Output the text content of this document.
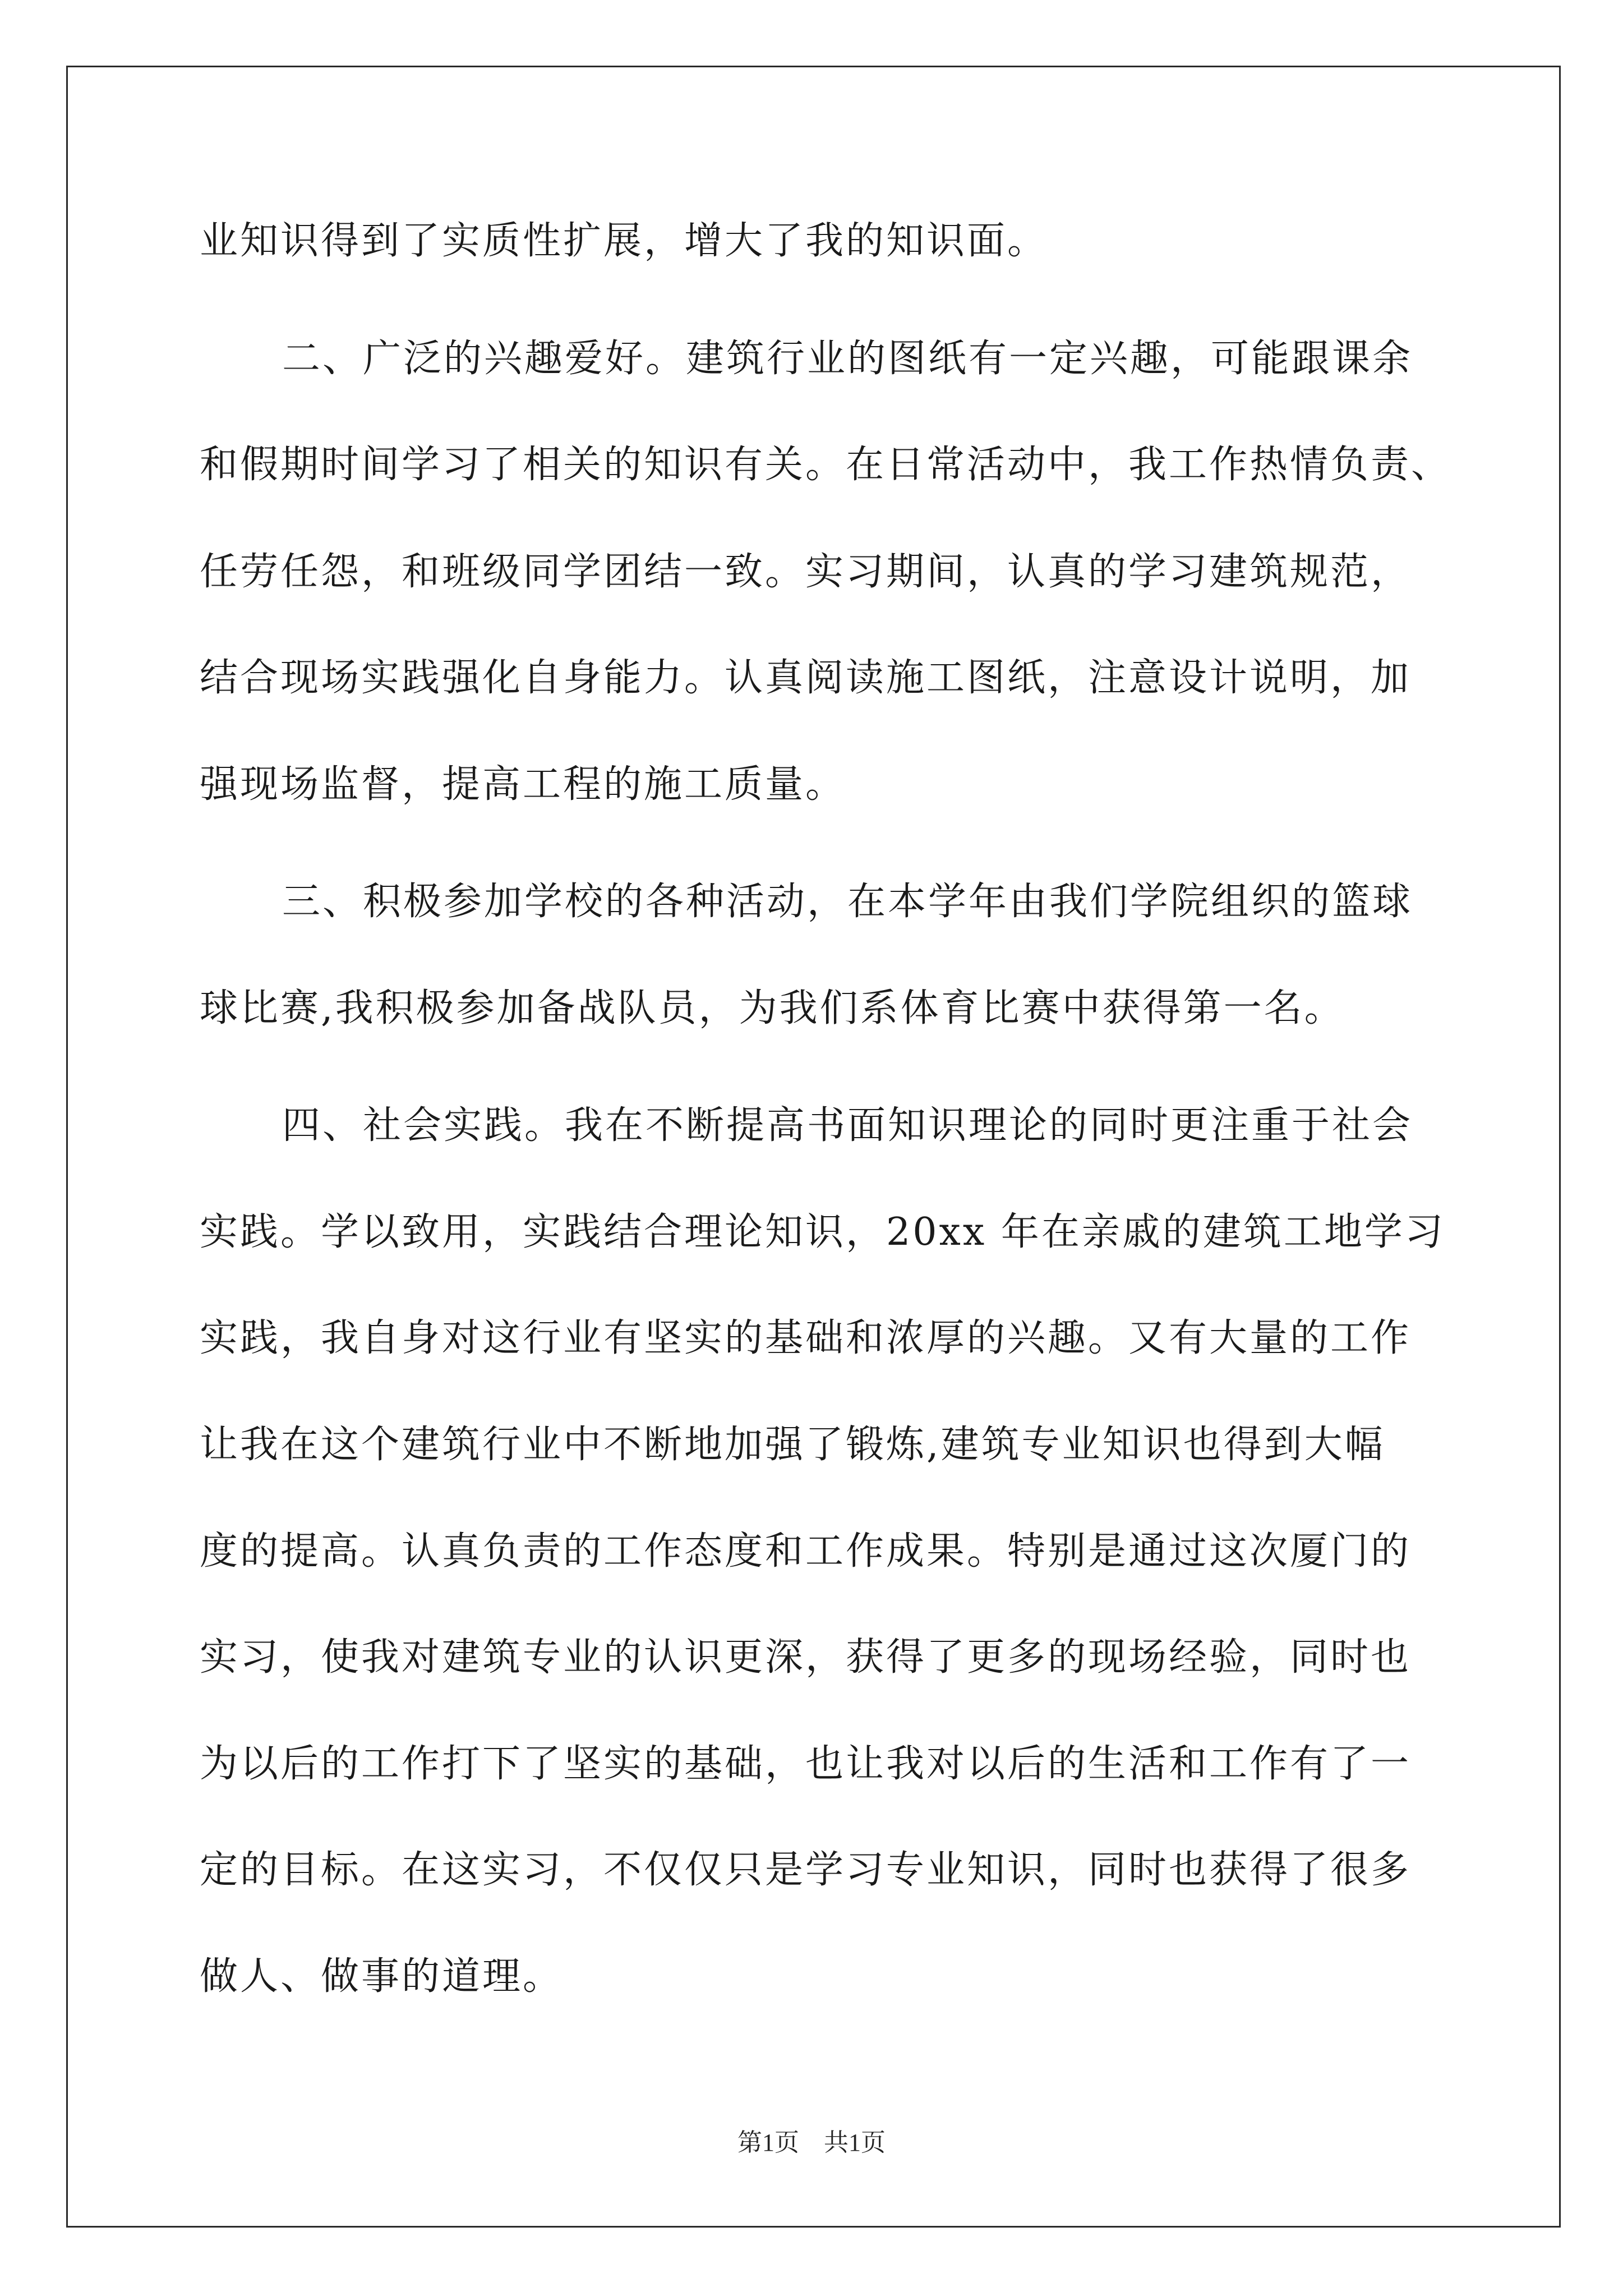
业知识得到了实质性扩展，增大了我的知识面。
二、广泛的兴趣爱好。建筑行业的图纸有一定兴趣，可能跟课余
和假期时间学习了相关的知识有关。在日常活动中，我工作热情负责、
任劳任怨，和班级同学团结一致。实习期间，认真的学习建筑规范，
结合现场实践强化自身能力。认真阅读施工图纸，注意设计说明，加
强现场监督，提高工程的施工质量。
三、积极参加学校的各种活动，在本学年由我们学院组织的篮球
球比赛,我积极参加备战队员，为我们系体育比赛中获得第一名。
四、社会实践。我在不断提高书面知识理论的同时更注重于社会
实践。学以致用，实践结合理论知识，20xx 年在亲戚的建筑工地学习
实践，我自身对这行业有坚实的基础和浓厚的兴趣。又有大量的工作
让我在这个建筑行业中不断地加强了锻炼,建筑专业知识也得到大幅
度的提高。认真负责的工作态度和工作成果。特别是通过这次厦门的
实习，使我对建筑专业的认识更深，获得了更多的现场经验，同时也
为以后的工作打下了坚实的基础，也让我对以后的生活和工作有了一
定的目标。在这实习，不仅仅只是学习专业知识，同时也获得了很多
做人、做事的道理。
第1页　共1页
